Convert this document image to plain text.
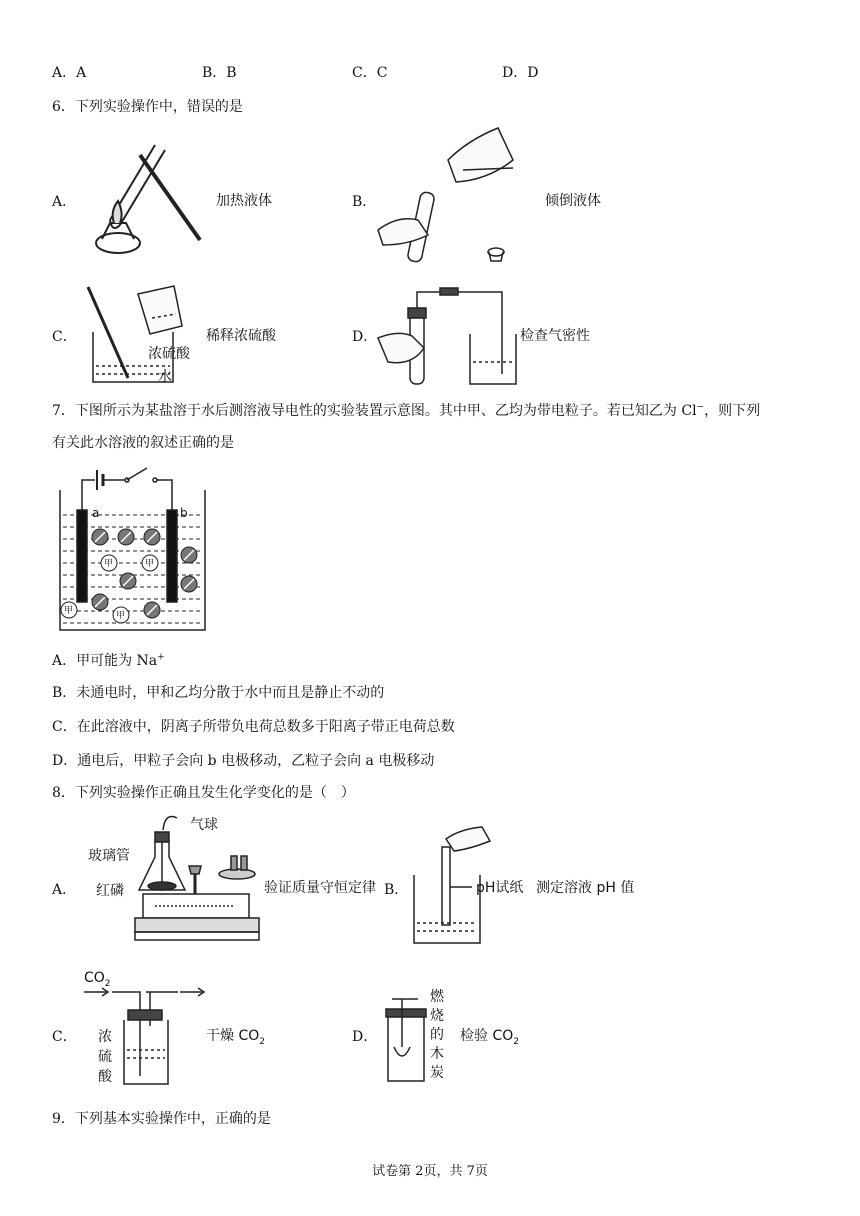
A．A	B．B	C．C	D．D
6．下列实验操作中，错误的是
A．	加热液体	B．	倾倒液体
C．
浓硫酸
水
稀释浓硫酸	D．	检查气密性
7．下图所示为某盐溶于水后测溶液导电性的实验装置示意图。其中甲、乙均为带电粒子。若已知乙为 Cl−，则下列
有关此水溶液的叙述正确的是
a	b
甲	甲
甲	甲
A．甲可能为 Na+
B．未通电时，甲和乙均分散于水中而且是静止不动的
C．在此溶液中，阴离子所带负电荷总数多于阳离子带正电荷总数
D．通电后，甲粒子会向 b 电极移动，乙粒子会向 a 电极移动
8．下列实验操作正确且发生化学变化的是（　）
A．
气球
玻璃管
红磷	验证质量守恒定律 B．	pH试纸 测定溶液 pH 值
C．
$CO_2$
浓
硫
酸
干燥 $CO_2$	D．
燃
烧
的
木
炭
检验 $CO_2$
9．下列基本实验操作中，正确的是
试卷第 2页，共 7页
